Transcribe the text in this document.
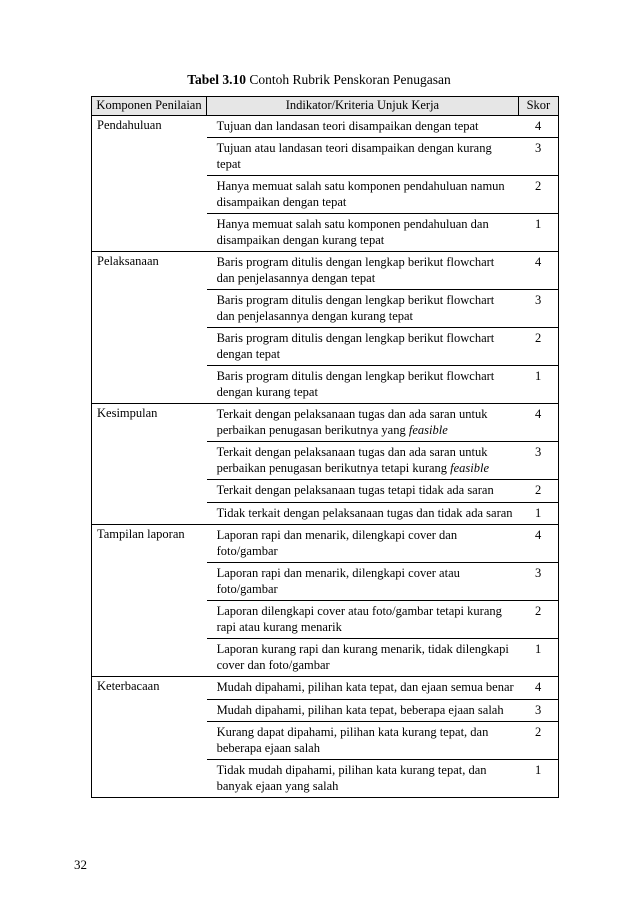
Tabel 3.10 Contoh Rubrik Penskoran Penugasan
Komponen Penilaian	Indikator/Kriteria Unjuk Kerja	Skor
Pendahuluan	Tujuan dan landasan teori disampaikan dengan tepat	4
	Tujuan atau landasan teori disampaikan dengan kurang tepat	3
	Hanya memuat salah satu komponen pendahuluan namun disampaikan dengan tepat	2
	Hanya memuat salah satu komponen pendahuluan dan disampaikan dengan kurang tepat	1
Pelaksanaan	Baris program ditulis dengan lengkap berikut flowchart dan penjelasannya dengan tepat	4
	Baris program ditulis dengan lengkap berikut flowchart dan penjelasannya dengan kurang tepat	3
	Baris program ditulis dengan lengkap berikut flowchart dengan tepat	2
	Baris program ditulis dengan lengkap berikut flowchart dengan kurang tepat	1
Kesimpulan	Terkait dengan pelaksanaan tugas dan ada saran untuk perbaikan penugasan berikutnya yang feasible	4
	Terkait dengan pelaksanaan tugas dan ada saran untuk perbaikan penugasan berikutnya tetapi kurang feasible	3
	Terkait dengan pelaksanaan tugas tetapi tidak ada saran	2
	Tidak terkait dengan pelaksanaan tugas dan tidak ada saran	1
Tampilan laporan	Laporan rapi dan menarik, dilengkapi cover dan foto/gambar	4
	Laporan rapi dan menarik, dilengkapi cover atau foto/gambar	3
	Laporan dilengkapi cover atau foto/gambar tetapi kurang rapi atau kurang menarik	2
	Laporan kurang rapi dan kurang menarik, tidak dilengkapi cover dan foto/gambar	1
Keterbacaan	Mudah dipahami, pilihan kata tepat, dan ejaan semua benar	4
	Mudah dipahami, pilihan kata tepat, beberapa ejaan salah	3
	Kurang dapat dipahami, pilihan kata kurang tepat, dan beberapa ejaan salah	2
	Tidak mudah dipahami, pilihan kata kurang tepat, dan banyak ejaan yang salah	1
32
